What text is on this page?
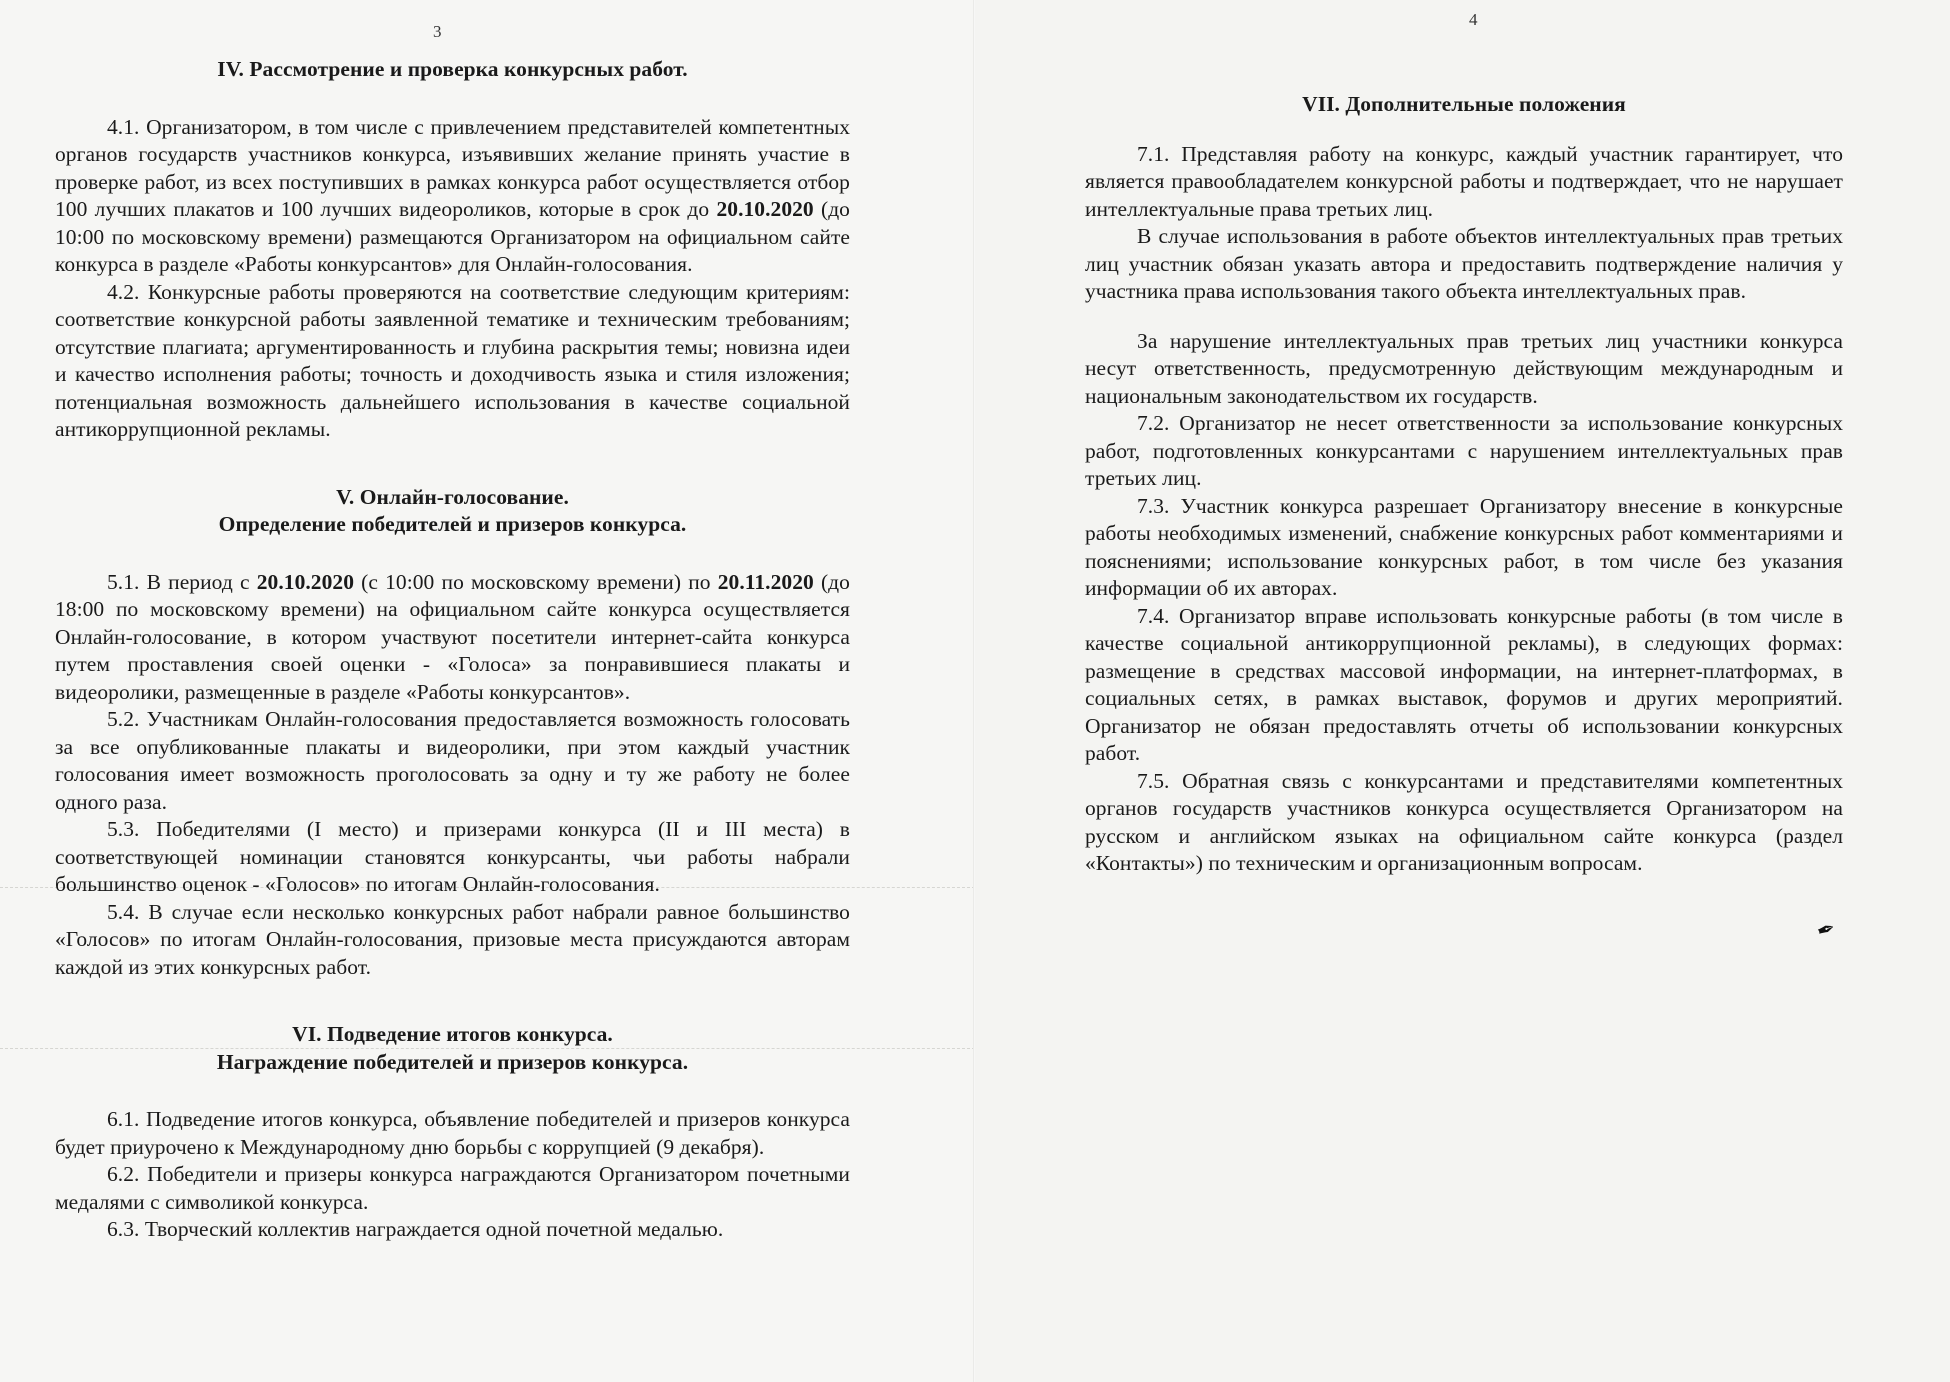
3
IV. Рассмотрение и проверка конкурсных работ.

4.1. Организатором, в том числе с привлечением представителей компетентных органов государств участников конкурса, изъявивших желание принять участие в проверке работ, из всех поступивших в рамках конкурса работ осуществляется отбор 100 лучших плакатов и 100 лучших видеороликов, которые в срок до 20.10.2020 (до 10:00 по московскому времени) размещаются Организатором на официальном сайте конкурса в разделе «Работы конкурсантов» для Онлайн-голосования.

4.2. Конкурсные работы проверяются на соответствие следующим критериям: соответствие конкурсной работы заявленной тематике и техническим требованиям; отсутствие плагиата; аргументированность и глубина раскрытия темы; новизна идеи и качество исполнения работы; точность и доходчивость языка и стиля изложения; потенциальная возможность дальнейшего использования в качестве социальной антикоррупционной рекламы.

V. Онлайн-голосование.
Определение победителей и призеров конкурса.

5.1. В период с 20.10.2020 (с 10:00 по московскому времени) по 20.11.2020 (до 18:00 по московскому времени) на официальном сайте конкурса осуществляется Онлайн-голосование, в котором участвуют посетители интернет-сайта конкурса путем проставления своей оценки - «Голоса» за понравившиеся плакаты и видеоролики, размещенные в разделе «Работы конкурсантов».

5.2. Участникам Онлайн-голосования предоставляется возможность голосовать за все опубликованные плакаты и видеоролики, при этом каждый участник голосования имеет возможность проголосовать за одну и ту же работу не более одного раза.

5.3. Победителями (I место) и призерами конкурса (II и III места) в соответствующей номинации становятся конкурсанты, чьи работы набрали большинство оценок - «Голосов» по итогам Онлайн-голосования.

5.4. В случае если несколько конкурсных работ набрали равное большинство «Голосов» по итогам Онлайн-голосования, призовые места присуждаются авторам каждой из этих конкурсных работ.

VI. Подведение итогов конкурса.
Награждение победителей и призеров конкурса.

6.1. Подведение итогов конкурса, объявление победителей и призеров конкурса будет приурочено к Международному дню борьбы с коррупцией (9 декабря).

6.2. Победители и призеры конкурса награждаются Организатором почетными медалями с символикой конкурса.

6.3. Творческий коллектив награждается одной почетной медалью.

4
VII. Дополнительные положения

7.1. Представляя работу на конкурс, каждый участник гарантирует, что является правообладателем конкурсной работы и подтверждает, что не нарушает интеллектуальные права третьих лиц.

В случае использования в работе объектов интеллектуальных прав третьих лиц участник обязан указать автора и предоставить подтверждение наличия у участника права использования такого объекта интеллектуальных прав.

За нарушение интеллектуальных прав третьих лиц участники конкурса несут ответственность, предусмотренную действующим международным и национальным законодательством их государств.

7.2. Организатор не несет ответственности за использование конкурсных работ, подготовленных конкурсантами с нарушением интеллектуальных прав третьих лиц.

7.3. Участник конкурса разрешает Организатору внесение в конкурсные работы необходимых изменений, снабжение конкурсных работ комментариями и пояснениями; использование конкурсных работ, в том числе без указания информации об их авторах.

7.4. Организатор вправе использовать конкурсные работы (в том числе в качестве социальной антикоррупционной рекламы), в следующих формах: размещение в средствах массовой информации, на интернет-платформах, в социальных сетях, в рамках выставок, форумов и других мероприятий. Организатор не обязан предоставлять отчеты об использовании конкурсных работ.

7.5. Обратная связь с конкурсантами и представителями компетентных органов государств участников конкурса осуществляется Организатором на русском и английском языках на официальном сайте конкурса (раздел «Контакты») по техническим и организационным вопросам.

✒
